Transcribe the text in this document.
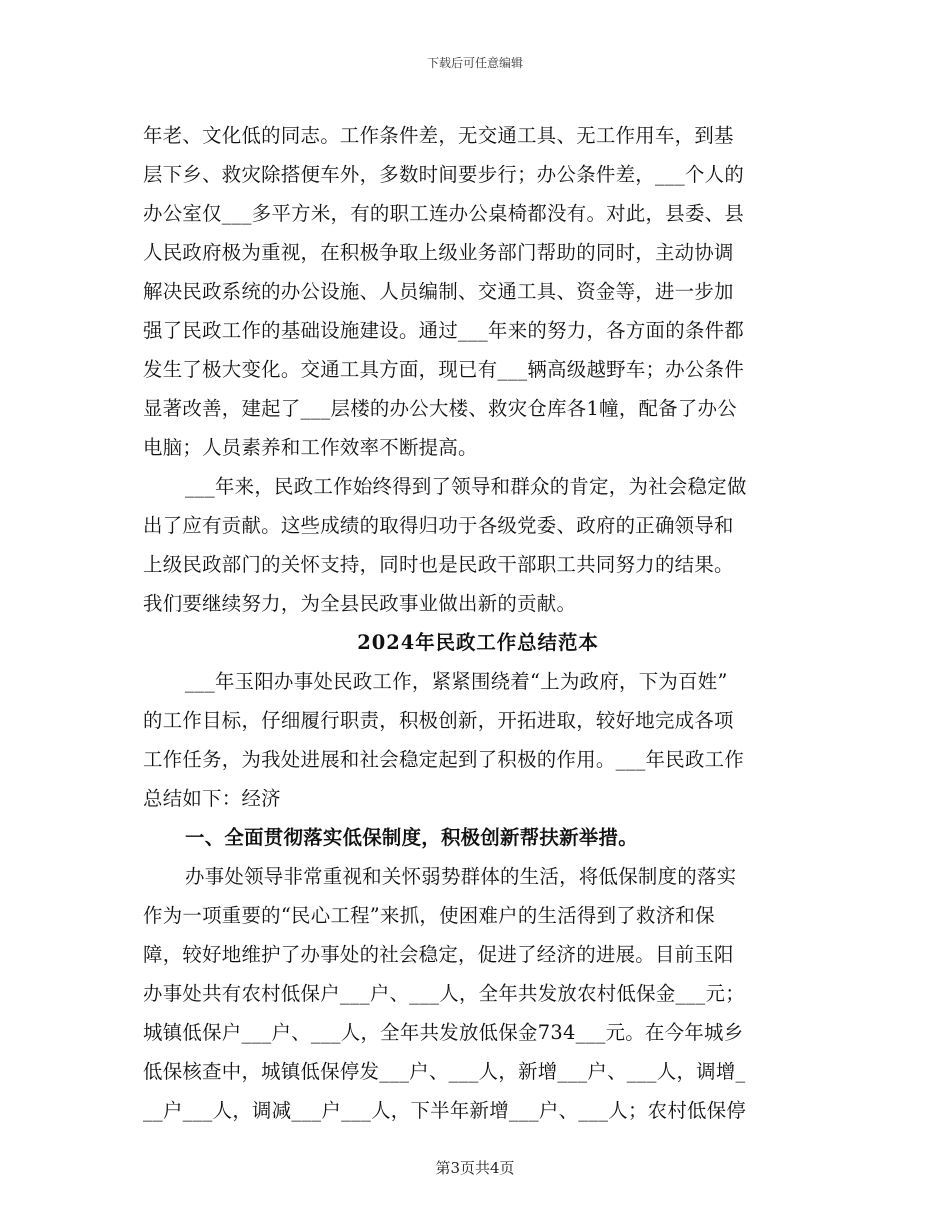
下载后可任意编辑
年老、文化低的同志。工作条件差，无交通工具、无工作用车，到基
层下乡、救灾除搭便车外，多数时间要步行；办公条件差，___个人的
办公室仅___多平方米，有的职工连办公桌椅都没有。对此，县委、县
人民政府极为重视，在积极争取上级业务部门帮助的同时，主动协调
解决民政系统的办公设施、人员编制、交通工具、资金等，进一步加
强了民政工作的基础设施建设。通过___年来的努力，各方面的条件都
发生了极大变化。交通工具方面，现已有___辆高级越野车；办公条件
显著改善，建起了___层楼的办公大楼、救灾仓库各1幢，配备了办公
电脑；人员素养和工作效率不断提高。
___年来，民政工作始终得到了领导和群众的肯定，为社会稳定做
出了应有贡献。这些成绩的取得归功于各级党委、政府的正确领导和
上级民政部门的关怀支持，同时也是民政干部职工共同努力的结果。
我们要继续努力，为全县民政事业做出新的贡献。
2024年民政工作总结范本
___年玉阳办事处民政工作，紧紧围绕着“上为政府，下为百姓”
的工作目标，仔细履行职责，积极创新，开拓进取，较好地完成各项
工作任务，为我处进展和社会稳定起到了积极的作用。___年民政工作
总结如下：经济
一、全面贯彻落实低保制度，积极创新帮扶新举措。
办事处领导非常重视和关怀弱势群体的生活，将低保制度的落实
作为一项重要的“民心工程”来抓，使困难户的生活得到了救济和保
障，较好地维护了办事处的社会稳定，促进了经济的进展。目前玉阳
办事处共有农村低保户___户、___人，全年共发放农村低保金___元；
城镇低保户___户、___人，全年共发放低保金734___元。在今年城乡
低保核查中，城镇低保停发___户、___人，新增___户、___人，调增_
__户___人，调减___户___人，下半年新增___户、___人；农村低保停
第3页共4页
